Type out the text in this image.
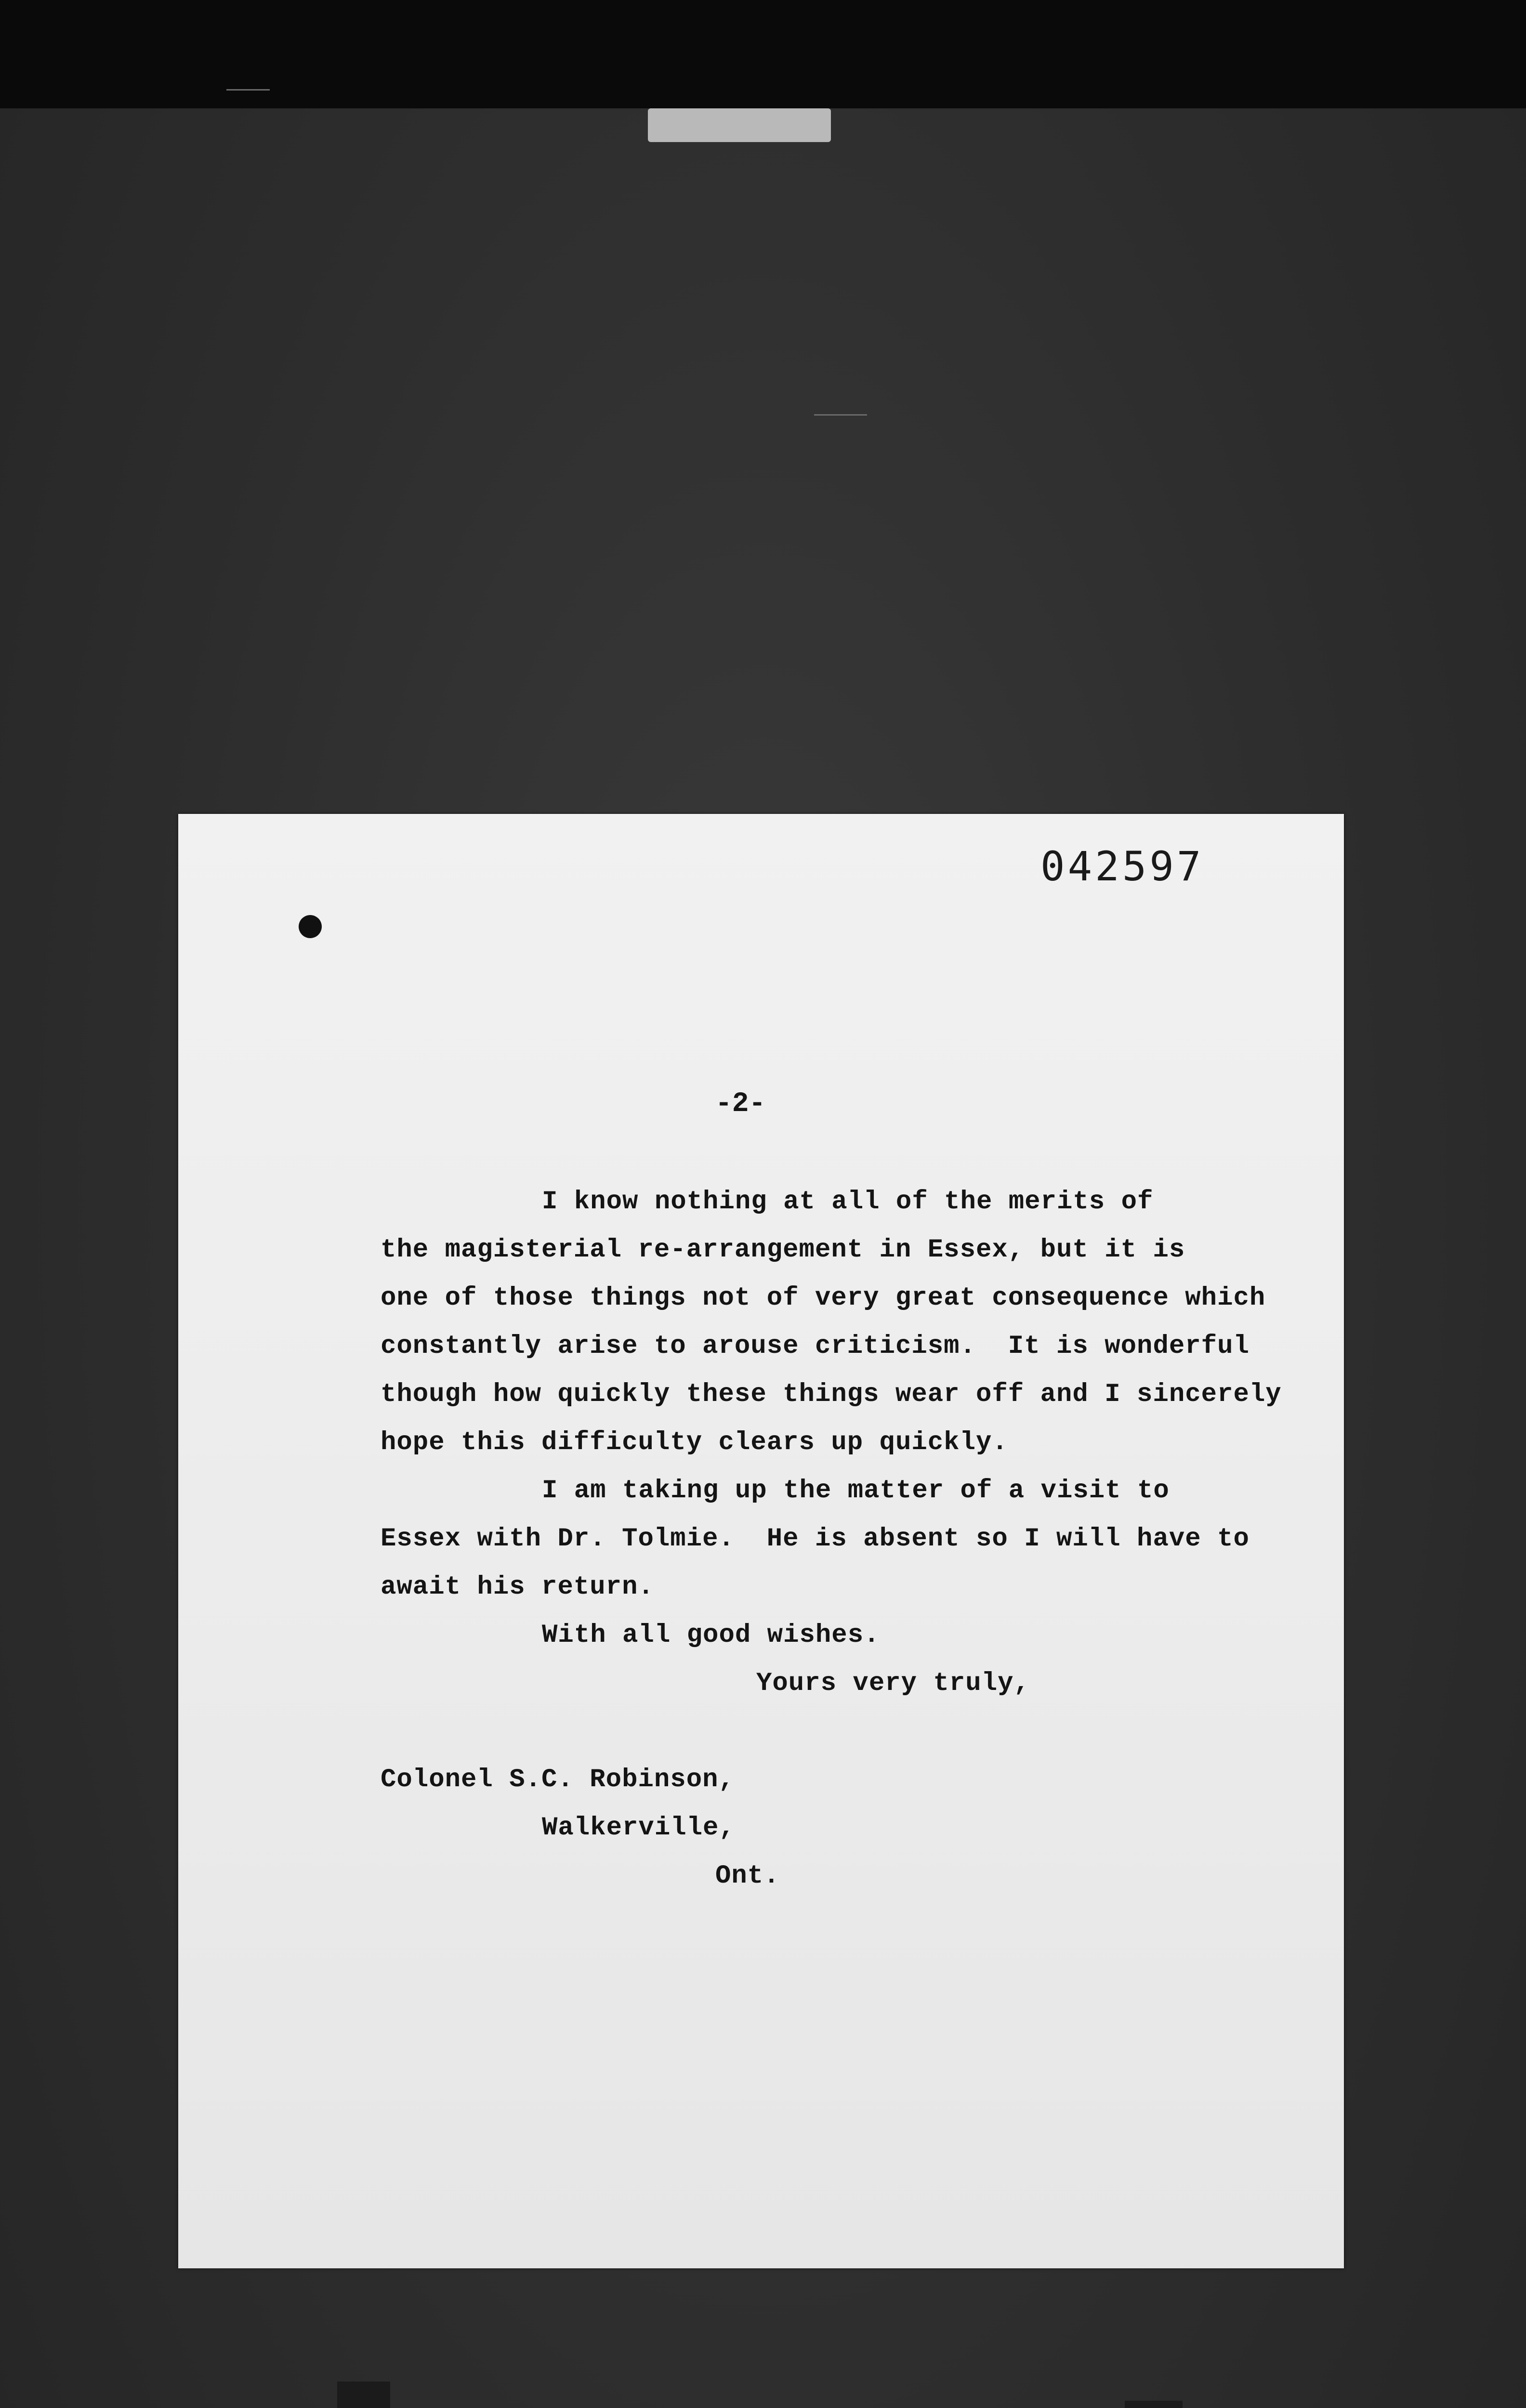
042597
-2-
I know nothing at all of the merits of
the magisterial re-arrangement in Essex, but it is
one of those things not of very great consequence which
constantly arise to arouse criticism.  It is wonderful
though how quickly these things wear off and I sincerely
hope this difficulty clears up quickly.
I am taking up the matter of a visit to
Essex with Dr. Tolmie.  He is absent so I will have to
await his return.
With all good wishes.
Yours very truly,
Colonel S.C. Robinson,
Walkerville,
Ont.
